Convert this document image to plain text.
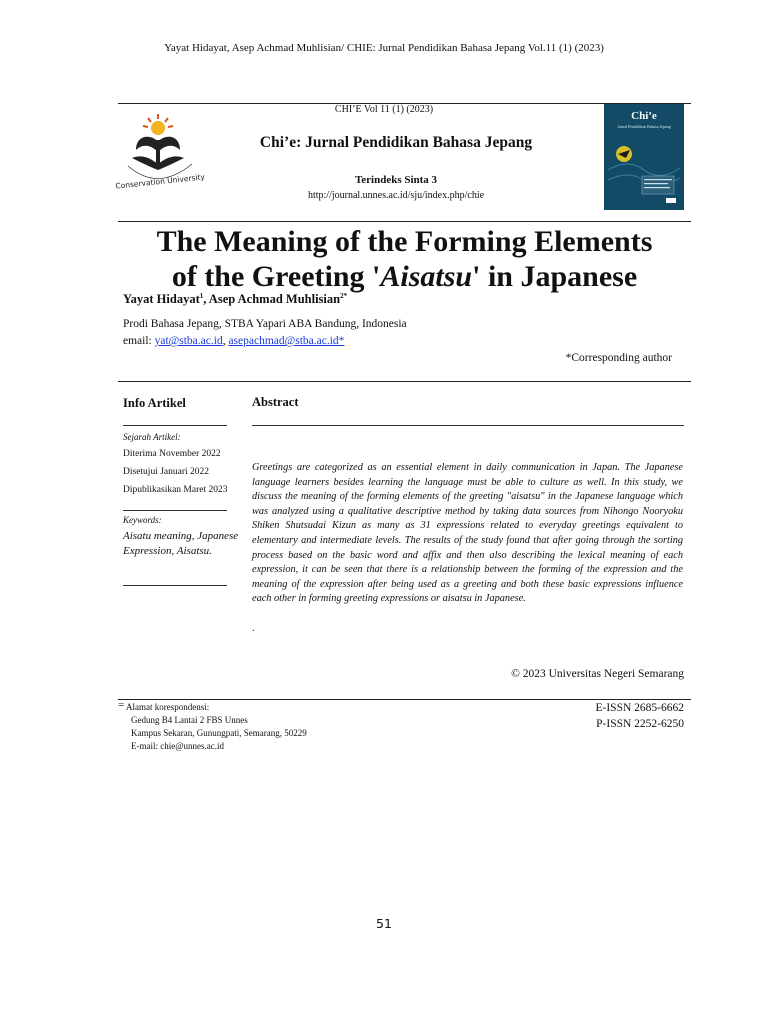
Yayat Hidayat, Asep Achmad Muhlisian/ CHIE: Jurnal Pendidikan Bahasa Jepang Vol.11 (1) (2023)
CHI’E Vol 11 (1) (2023)
Conservation University
Chi’e: Jurnal Pendidikan Bahasa Jepang
Terindeks Sinta 3
http://journal.unnes.ac.id/sju/index.php/chie
Chi’e
Jurnal Pendidikan Bahasa Jepang
The Meaning of the Forming Elements
of the Greeting 'Aisatsu' in Japanese
Yayat Hidayat$^1$, Asep Achmad Muhlisian$^{2*}$
Prodi Bahasa Jepang, STBA Yapari ABA Bandung, Indonesia
email: yat@stba.ac.id, asepachmad@stba.ac.id*
*Corresponding author
Info Artikel
Sejarah Artikel:
Diterima November 2022
Disetujui Januari 2022
Dipublikasikan Maret 2023
Keywords:
Aisatu meaning, Japanese Expression, Aisatsu.
Abstract
Greetings are categorized as an essential element in daily communication in Japan. The Japanese language learners besides learning the language must be able to culture as well. In this study, we discuss the meaning of the forming elements of the greeting "aisatsu" in the Japanese language which was analyzed using a qualitative descriptive method by taking data sources from Nihongo Nooryoku Shiken Shutsudai Kizun as many as 31 expressions related to everyday greetings equivalent to elementary and intermediate levels. The results of the study found that after going through the sorting process based on the basic word and affix and then also describing the lexical meaning of each expression, it can be seen that there is a relationship between the forming of the expression and the meaning of the expression after being used as a greeting and both these basic expressions influence each other in forming greeting expressions or aisatsu in Japanese.
.
© 2023 Universitas Negeri Semarang
= Alamat korespondensi:
Gedung B4 Lantai 2 FBS Unnes
Kampus Sekaran, Gunungpati, Semarang, 50229
E-mail: chie@unnes.ac.id
E-ISSN 2685-6662
P-ISSN 2252-6250
51
